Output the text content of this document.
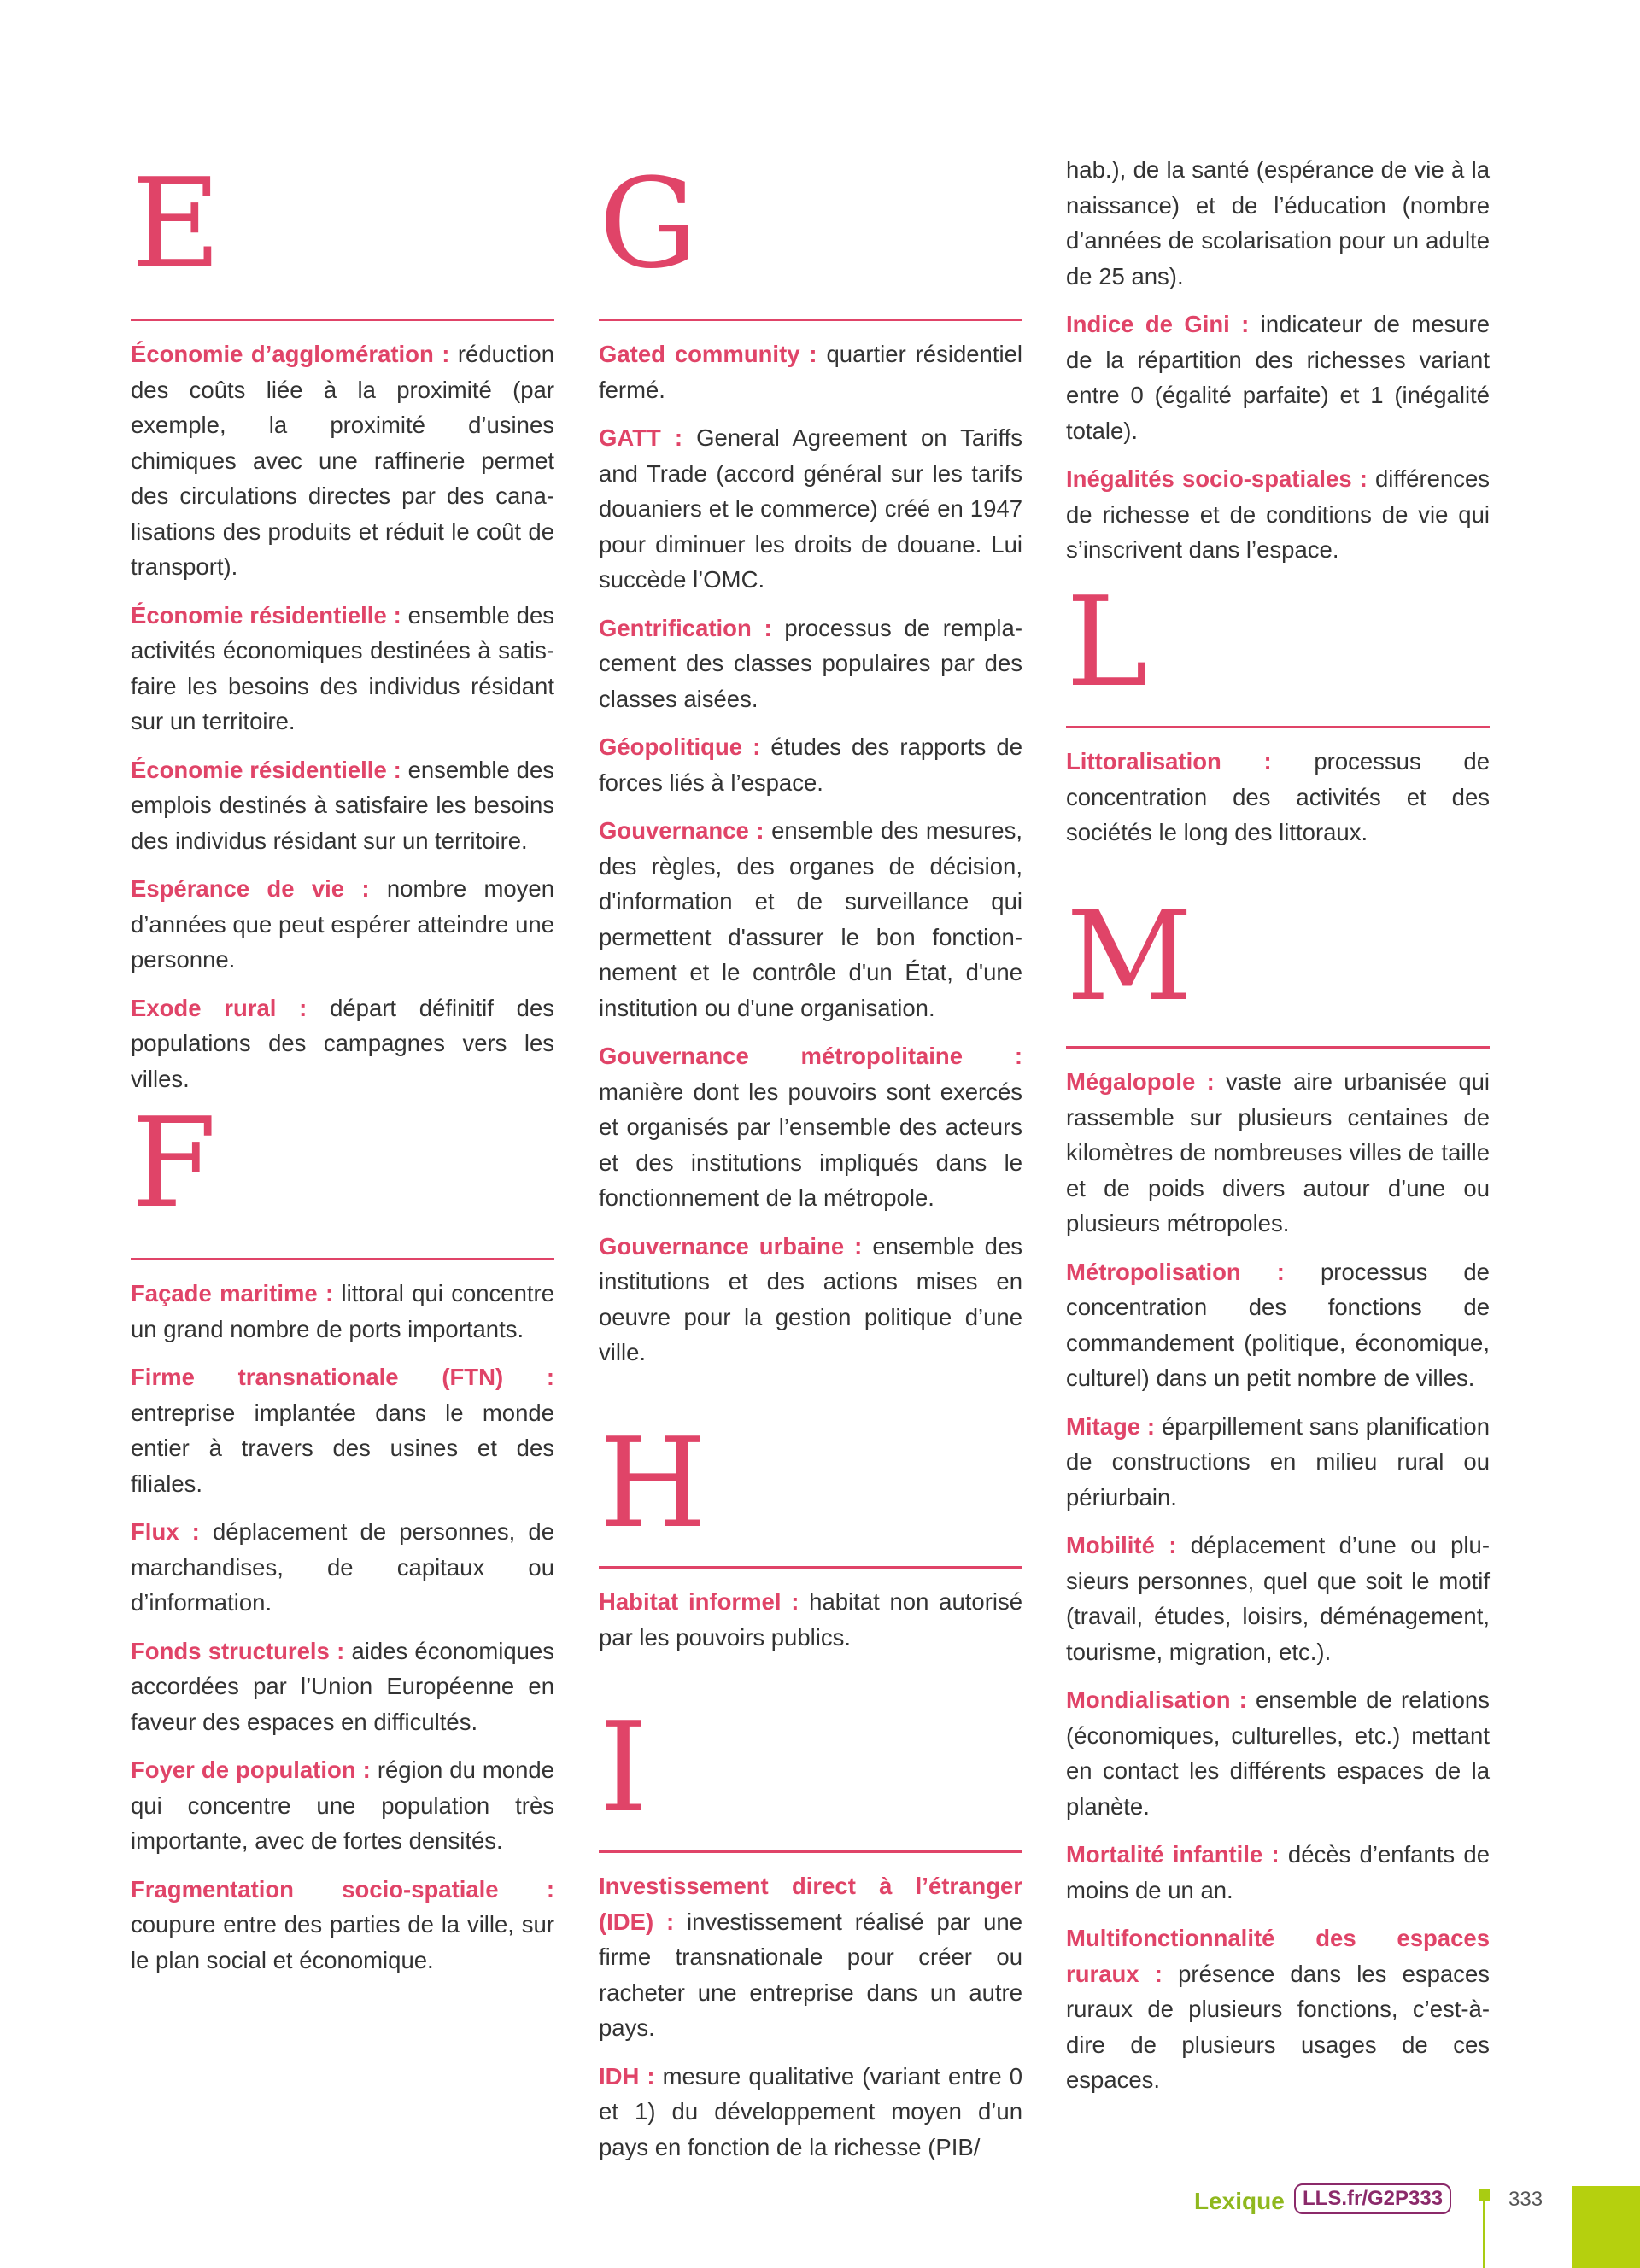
E

Économie d’agglomération : réduction des coûts liée à la proximité (par exemple, la proximité d’usines chimiques avec une raffinerie permet des circulations directes par des canalisations des produits et réduit le coût de transport).

Économie résidentielle : ensemble des activités économiques destinées à satisfaire les besoins des individus résidant sur un territoire.

Économie résidentielle : ensemble des emplois destinés à satisfaire les besoins des individus résidant sur un territoire.

Espérance de vie : nombre moyen d’années que peut espérer atteindre une personne.

Exode rural : départ définitif des populations des campagnes vers les villes.

F

Façade maritime : littoral qui concentre un grand nombre de ports importants.

Firme transnationale (FTN) : entreprise implantée dans le monde entier à travers des usines et des filiales.

Flux : déplacement de personnes, de marchandises, de capitaux ou d’information.

Fonds structurels : aides économiques accordées par l’Union Européenne en faveur des espaces en difficultés.

Foyer de population : région du monde qui concentre une population très importante, avec de fortes densités.

Fragmentation socio-spatiale : coupure entre des parties de la ville, sur le plan social et économique.

G

Gated community : quartier résidentiel fermé.

GATT : General Agreement on Tariffs and Trade (accord général sur les tarifs douaniers et le commerce) créé en 1947 pour diminuer les droits de douane. Lui succède l’OMC.

Gentrification : processus de remplacement des classes populaires par des classes aisées.

Géopolitique : études des rapports de forces liés à l’espace.

Gouvernance : ensemble des mesures, des règles, des organes de décision, d'information et de surveillance qui permettent d'assurer le bon fonctionnement et le contrôle d'un État, d'une institution ou d'une organisation.

Gouvernance métropolitaine : manière dont les pouvoirs sont exercés et organisés par l’ensemble des acteurs et des institutions impliqués dans le fonctionnement de la métropole.

Gouvernance urbaine : ensemble des institutions et des actions mises en oeuvre pour la gestion politique d’une ville.

H

Habitat informel : habitat non autorisé par les pouvoirs publics.

I

Investissement direct à l’étranger (IDE) : investissement réalisé par une firme transnationale pour créer ou racheter une entreprise dans un autre pays.

IDH : mesure qualitative (variant entre 0 et 1) du développement moyen d’un pays en fonction de la richesse (PIB/

hab.), de la santé (espérance de vie à la naissance) et de l’éducation (nombre d’années de scolarisation pour un adulte de 25 ans).

Indice de Gini : indicateur de mesure de la répartition des richesses variant entre 0 (égalité parfaite) et 1 (inégalité totale).

Inégalités socio-spatiales : différences de richesse et de conditions de vie qui s’inscrivent dans l’espace.

L

Littoralisation : processus de concentration des activités et des sociétés le long des littoraux.

M

Mégalopole : vaste aire urbanisée qui rassemble sur plusieurs centaines de kilomètres de nombreuses villes de taille et de poids divers autour d’une ou plusieurs métropoles.

Métropolisation : processus de concentration des fonctions de commandement (politique, économique, culturel) dans un petit nombre de villes.

Mitage : éparpillement sans planification de constructions en milieu rural ou périurbain.

Mobilité : déplacement d’une ou plusieurs personnes, quel que soit le motif (travail, études, loisirs, déménagement, tourisme, migration, etc.).

Mondialisation : ensemble de relations (économiques, culturelles, etc.) mettant en contact les différents espaces de la planète.

Mortalité infantile : décès d’enfants de moins de un an.

Multifonctionnalité des espaces ruraux : présence dans les espaces ruraux de plusieurs fonctions, c’est-à-dire de plusieurs usages de ces espaces.

Lexique LLS.fr/G2P333	333
